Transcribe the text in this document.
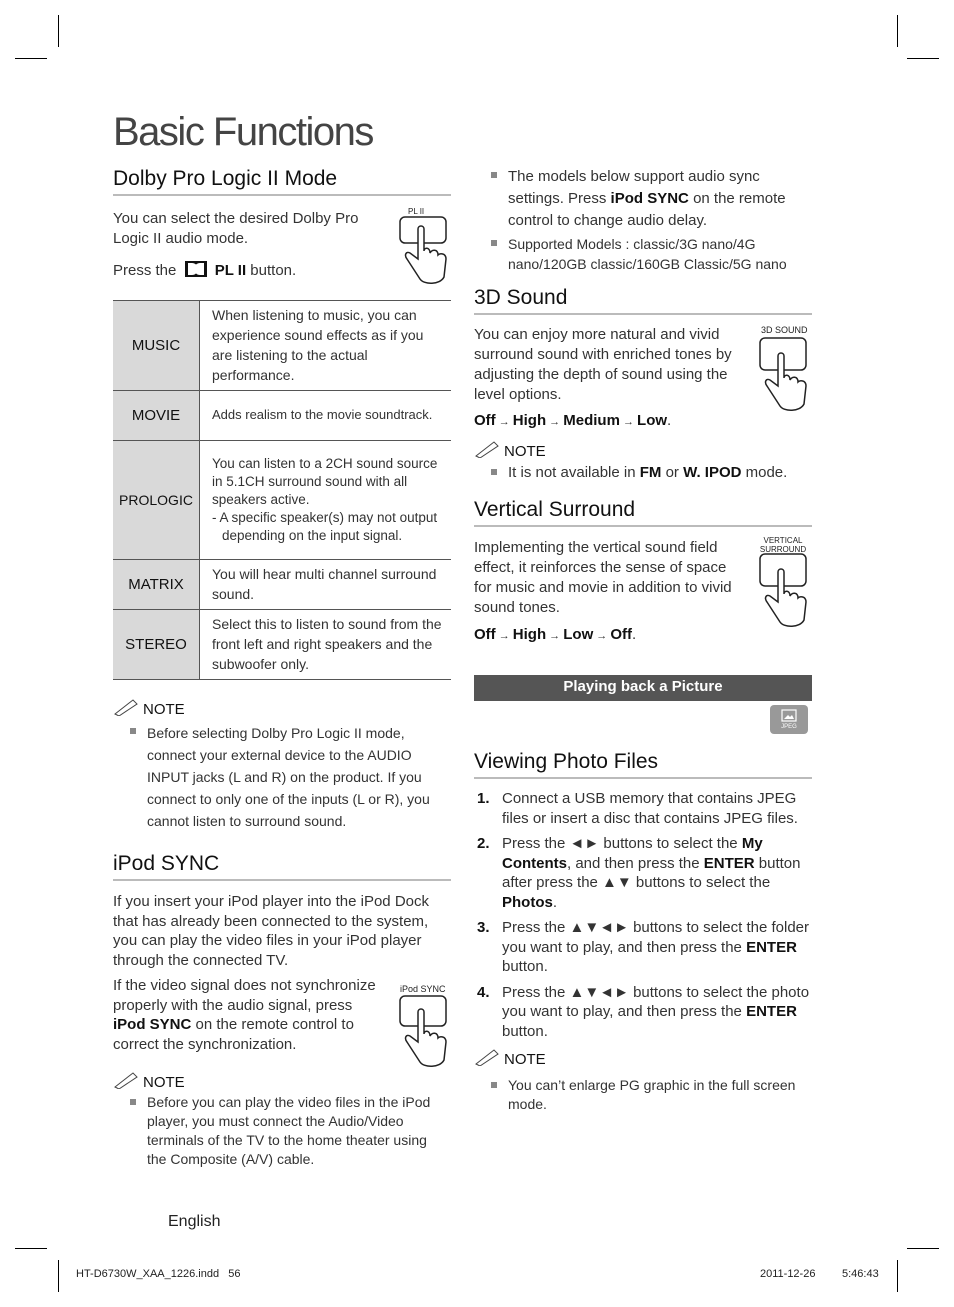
Basic Functions
Dolby Pro Logic II Mode
You can select the desired Dolby Pro Logic II audio mode.
Press the	PL II button.
PL II
MUSIC	When listening to music, you can experience sound effects as if you are listening to the actual performance.
MOVIE	Adds realism to the movie soundtrack.
PROLOGIC	You can listen to a 2CH sound source in 5.1CH surround sound with all speakers active.
- A specific speaker(s) may not output depending on the input signal.

MATRIX	You will hear multi channel surround sound.
STEREO	Select this to listen to sound from the front left and right speakers and the subwoofer only.
NOTE
Before selecting Dolby Pro Logic II mode, connect your external device to the AUDIO INPUT jacks (L and R) on the product. If you connect to only one of the inputs (L or R), you cannot listen to surround sound.
iPod SYNC
If you insert your iPod player into the iPod Dock that has already been connected to the system, you can play the video files in your iPod player through the connected TV.
If the video signal does not synchronize properly with the audio signal, press iPod SYNC on the remote control to correct the synchronization.
iPod SYNC
NOTE
Before you can play the video files in the iPod player, you must connect the Audio/Video terminals of the TV to the home theater using the Composite (A/V) cable.
The models below support audio sync settings. Press iPod SYNC on the remote control to change audio delay.
Supported Models : classic/3G nano/4G nano/120GB classic/160GB Classic/5G nano
3D Sound
You can enjoy more natural and vivid surround sound with enriched tones by adjusting the depth of sound using the level options.
3D SOUND
Off → High → Medium → Low.
NOTE
It is not available in FM or W. IPOD mode.
Vertical Surround
Implementing the vertical sound field effect, it reinforces the sense of space for music and movie in addition to vivid sound tones.
VERTICAL
SURROUND
Off → High → Low → Off.
Playing back a Picture
JPEG
Viewing Photo Files
1. Connect a USB memory that contains JPEG files or insert a disc that contains JPEG files.
2. Press the ◄► buttons to select the My Contents, and then press the ENTER button after press the ▲▼ buttons to select the Photos.
3. Press the ▲▼◄► buttons to select the folder you want to play, and then press the ENTER button.
4. Press the ▲▼◄► buttons to select the photo you want to play, and then press the ENTER button.
NOTE
You can’t enlarge PG graphic in the full screen mode.
English
HT-D6730W_XAA_1226.indd   56	2011-12-26 5:46:43
